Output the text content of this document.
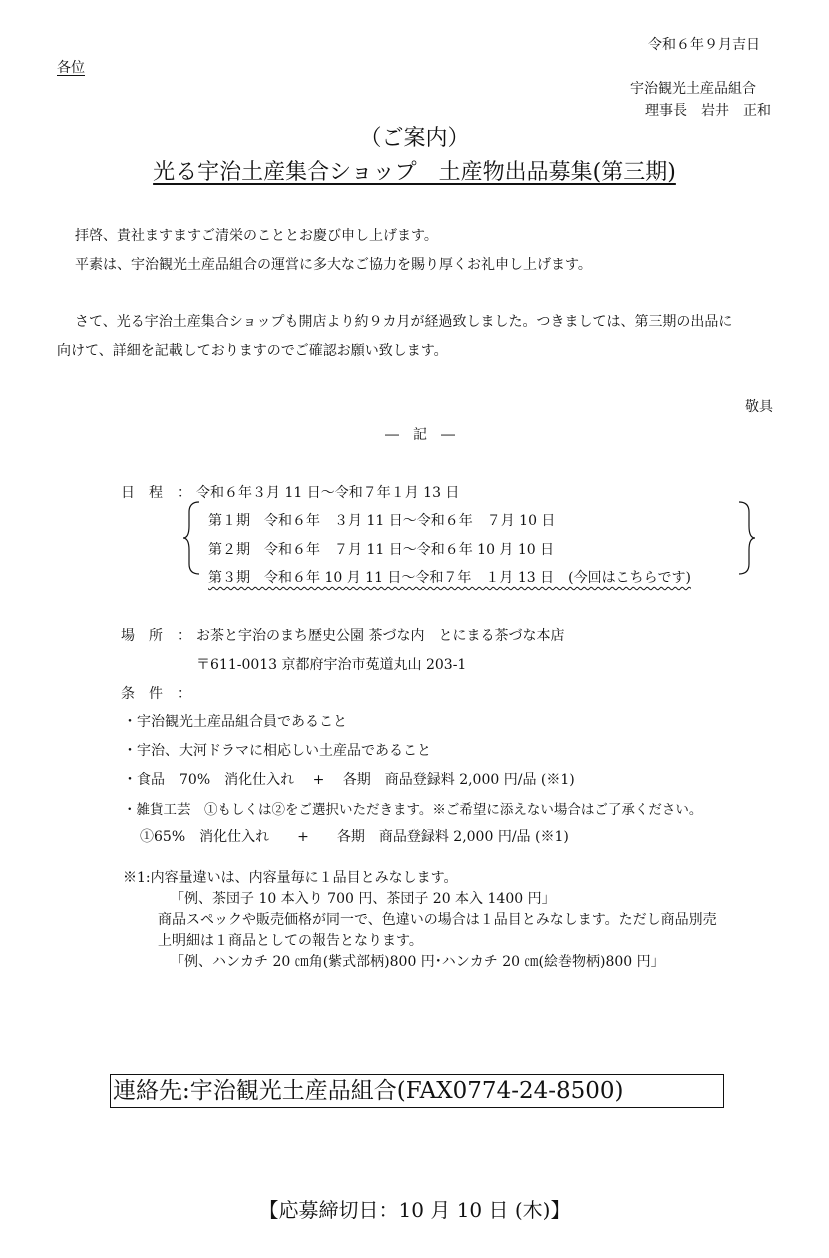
令和６年９月吉日
各位
宇治観光土産品組合
理事長　岩井　正和
（ご案内）
光る宇治土産集合ショップ　土産物出品募集(第三期)
拝啓、貴社ますますご清栄のこととお慶び申し上げます。
平素は、宇治観光土産品組合の運営に多大なご協力を賜り厚くお礼申し上げます。
さて、光る宇治土産集合ショップも開店より約９カ月が経過致しました。つきましては、第三期の出品に
向けて、詳細を記載しておりますのでご確認お願い致します。
敬具
―　記　―
日　程　： 令和６年３月 11 日～令和７年１月 13 日
第１期　令和６年　３月 11 日～令和６年　７月 10 日
第２期　令和６年　７月 11 日～令和６年 10 月 10 日
第３期　令和６年 10 月 11 日～令和７年　１月 13 日　(今回はこちらです)
場　所　： お茶と宇治のまち歴史公園 茶づな内　とにまる茶づな本店
〒611-0013 京都府宇治市菟道丸山 203-1
条　件　：
・宇治観光土産品組合員であること
・宇治、大河ドラマに相応しい土産品であること
・食品　70%　消化仕入れ　 +　 各期　商品登録料 2,000 円/品 (※1)
・雑貨工芸　①もしくは②をご選択いただきます。※ご希望に添えない場合はご了承ください。
①65%　消化仕入れ　　+　　各期　商品登録料 2,000 円/品 (※1)
※1:内容量違いは、内容量毎に１品目とみなします。
「例、茶団子 10 本入り 700 円、茶団子 20 本入 1400 円」
商品スペックや販売価格が同一で、色違いの場合は１品目とみなします。ただし商品別売
上明細は１商品としての報告となります。
「例、ハンカチ 20 ㎝角(紫式部柄)800 円･ハンカチ 20 ㎝(絵巻物柄)800 円」
連絡先:宇治観光土産品組合(FAX0774-24-8500)
【応募締切日：10 月 10 日 (木)】
